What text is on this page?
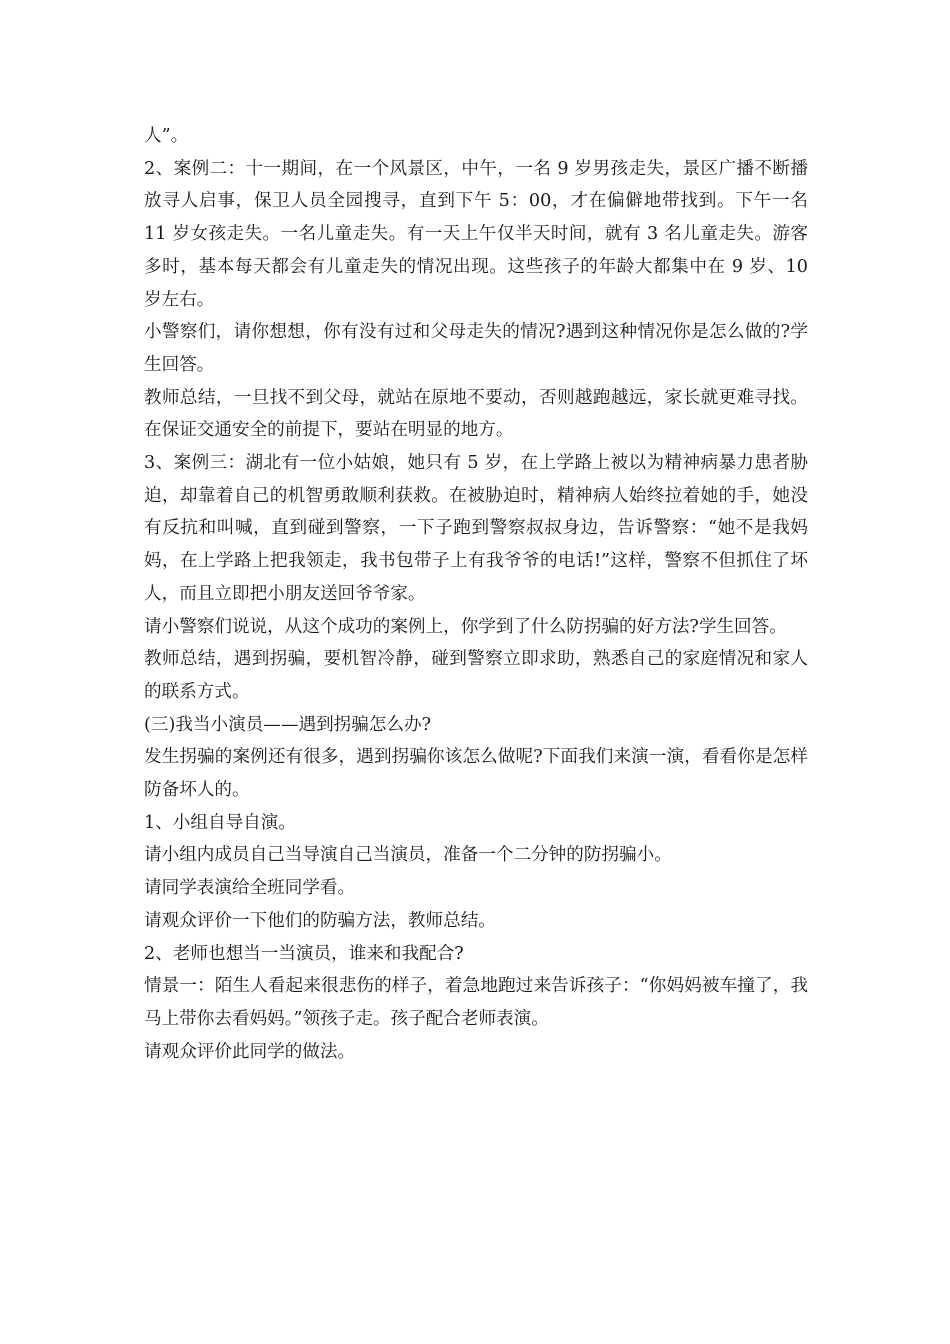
人”。

2、案例二：十一期间，在一个风景区，中午，一名 9 岁男孩走失，景区广播不断播放寻人启事，保卫人员全园搜寻，直到下午 5：00，才在偏僻地带找到。下午一名 11 岁女孩走失。一名儿童走失。有一天上午仅半天时间，就有 3 名儿童走失。游客多时，基本每天都会有儿童走失的情况出现。这些孩子的年龄大都集中在 9 岁、10 岁左右。

小警察们，请你想想，你有没有过和父母走失的情况?遇到这种情况你是怎么做的?学生回答。

教师总结，一旦找不到父母，就站在原地不要动，否则越跑越远，家长就更难寻找。在保证交通安全的前提下，要站在明显的地方。

3、案例三：湖北有一位小姑娘，她只有 5 岁，在上学路上被以为精神病暴力患者胁迫，却靠着自己的机智勇敢顺利获救。在被胁迫时，精神病人始终拉着她的手，她没有反抗和叫喊，直到碰到警察，一下子跑到警察叔叔身边，告诉警察：“她不是我妈妈，在上学路上把我领走，我书包带子上有我爷爷的电话!”这样，警察不但抓住了坏人，而且立即把小朋友送回爷爷家。

请小警察们说说，从这个成功的案例上，你学到了什么防拐骗的好方法?学生回答。

教师总结，遇到拐骗，要机智冷静，碰到警察立即求助，熟悉自己的家庭情况和家人的联系方式。

(三)我当小演员——遇到拐骗怎么办?

发生拐骗的案例还有很多，遇到拐骗你该怎么做呢?下面我们来演一演，看看你是怎样防备坏人的。

1、小组自导自演。

请小组内成员自己当导演自己当演员，准备一个二分钟的防拐骗小。

请同学表演给全班同学看。

请观众评价一下他们的防骗方法，教师总结。

2、老师也想当一当演员，谁来和我配合?

情景一：陌生人看起来很悲伤的样子，着急地跑过来告诉孩子：“你妈妈被车撞了，我马上带你去看妈妈。”领孩子走。孩子配合老师表演。

请观众评价此同学的做法。
